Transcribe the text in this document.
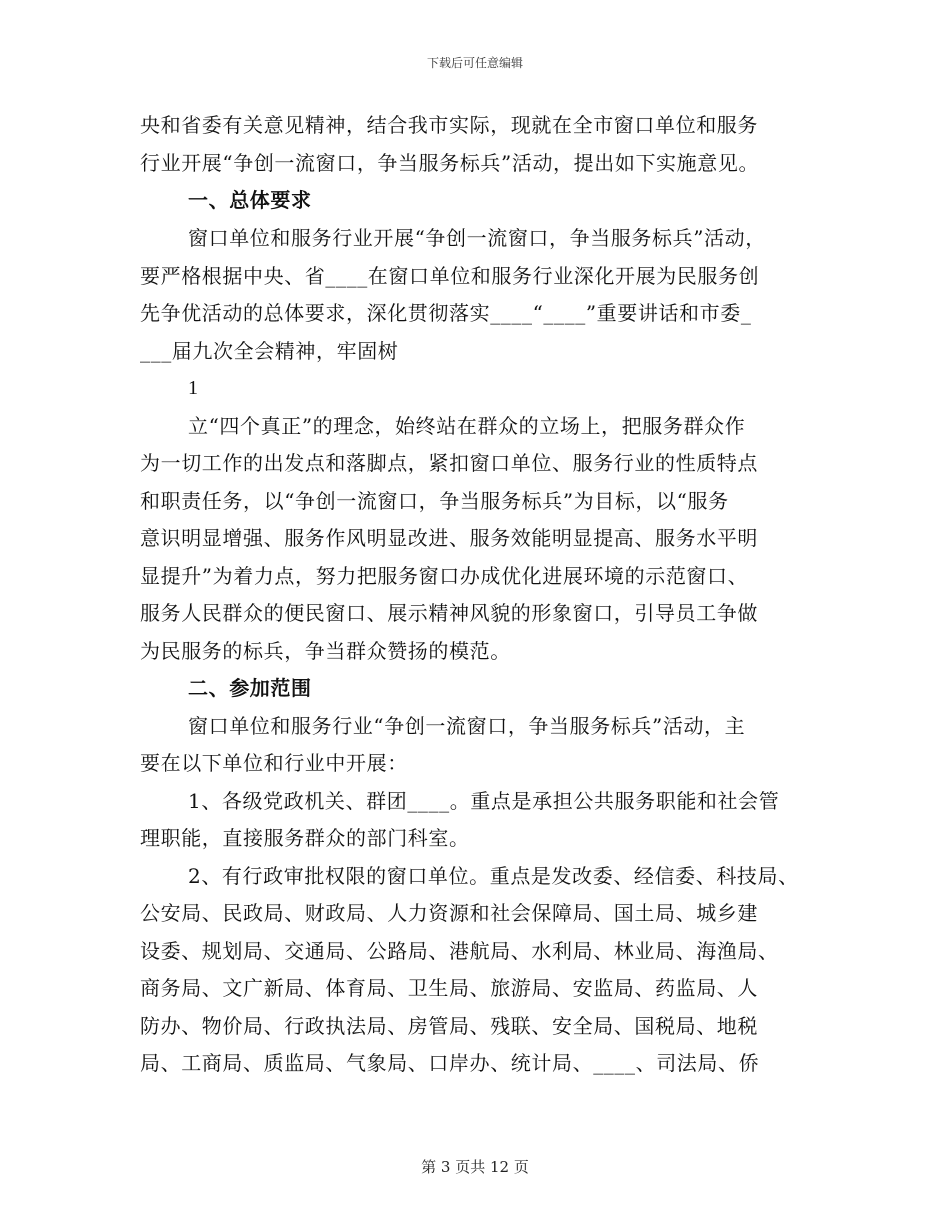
下载后可任意编辑
央和省委有关意见精神，结合我市实际，现就在全市窗口单位和服务
行业开展“争创一流窗口，争当服务标兵”活动，提出如下实施意见。
一、总体要求
窗口单位和服务行业开展“争创一流窗口，争当服务标兵”活动，
要严格根据中央、省____在窗口单位和服务行业深化开展为民服务创
先争优活动的总体要求，深化贯彻落实____“____”重要讲话和市委_
___届九次全会精神，牢固树
1
立“四个真正”的理念，始终站在群众的立场上，把服务群众作
为一切工作的出发点和落脚点，紧扣窗口单位、服务行业的性质特点
和职责任务，以“争创一流窗口，争当服务标兵”为目标，以“服务
意识明显增强、服务作风明显改进、服务效能明显提高、服务水平明
显提升”为着力点，努力把服务窗口办成优化进展环境的示范窗口、
服务人民群众的便民窗口、展示精神风貌的形象窗口，引导员工争做
为民服务的标兵，争当群众赞扬的模范。
二、参加范围
窗口单位和服务行业“争创一流窗口，争当服务标兵”活动，主
要在以下单位和行业中开展：
1、各级党政机关、群团____。重点是承担公共服务职能和社会管
理职能，直接服务群众的部门科室。
2、有行政审批权限的窗口单位。重点是发改委、经信委、科技局、
公安局、民政局、财政局、人力资源和社会保障局、国土局、城乡建
设委、规划局、交通局、公路局、港航局、水利局、林业局、海渔局、
商务局、文广新局、体育局、卫生局、旅游局、安监局、药监局、人
防办、物价局、行政执法局、房管局、残联、安全局、国税局、地税
局、工商局、质监局、气象局、口岸办、统计局、____、司法局、侨
第 3 页共 12 页
